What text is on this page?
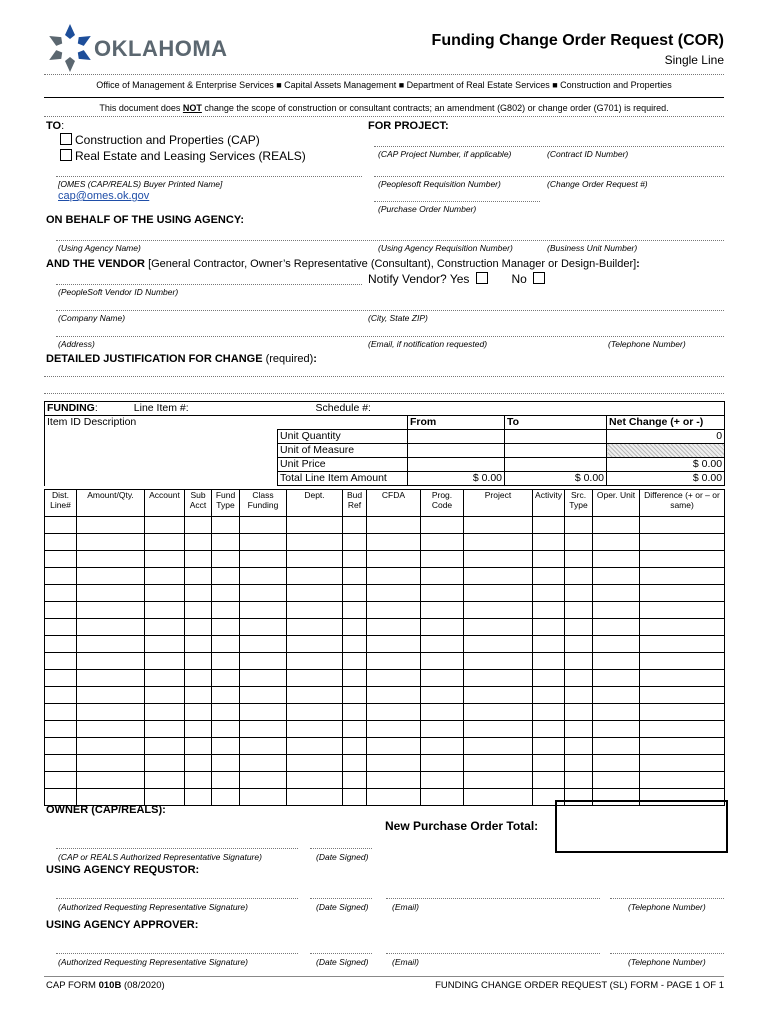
OKLAHOMA	Funding Change Order Request (COR)
Single Line
Office of Management & Enterprise Services ■ Capital Assets Management ■ Department of Real Estate Services ■ Construction and Properties
This document does NOT change the scope of construction or consultant contracts; an amendment (G802) or change order (G701) is required.
TO:
Construction and Properties (CAP)
Real Estate and Leasing Services (REALS)
[OMES (CAP/REALS) Buyer Printed Name]
cap@omes.ok.gov
FOR PROJECT:
(CAP Project Number, if applicable)	(Contract ID Number)
(Peoplesoft Requisition Number)	(Change Order Request #)
(Purchase Order Number)
ON BEHALF OF THE USING AGENCY:
(Using Agency Name)	(Using Agency Requisition Number)	(Business Unit Number)
AND THE VENDOR [General Contractor, Owner’s Representative (Consultant), Construction Manager or Design-Builder]:
Notify Vendor? Yes	No
(PeopleSoft Vendor ID Number)
(Company Name)	(City, State ZIP)
(Address)	(Email, if notification requested)	(Telephone Number)
DETAILED JUSTIFICATION FOR CHANGE (required):
FUNDING: Line Item #:	Schedule #:			
Item ID Description		From	To	Net Change (+ or -)
	Unit Quantity			0
	Unit of Measure			
	Unit Price			$ 0.00
	Total Line Item Amount	$ 0.00	$ 0.00	$ 0.00
Dist. Line#	Amount/Qty.	Account	Sub Acct	Fund Type	Class Funding	Dept.	Bud Ref	CFDA	Prog. Code	Project	Activity	Src. Type	Oper. Unit	Difference (+ or – or same)

OWNER (CAP/REALS):
New Purchase Order Total:
(CAP or REALS Authorized Representative Signature)	(Date Signed)
USING AGENCY REQUSTOR:
(Authorized Requesting Representative Signature)	(Date Signed)	(Email)	(Telephone Number)
USING AGENCY APPROVER:
(Authorized Requesting Representative Signature)	(Date Signed)	(Email)	(Telephone Number)
CAP FORM 010B (08/2020)	FUNDING CHANGE ORDER REQUEST (SL) FORM - PAGE 1 OF 1
